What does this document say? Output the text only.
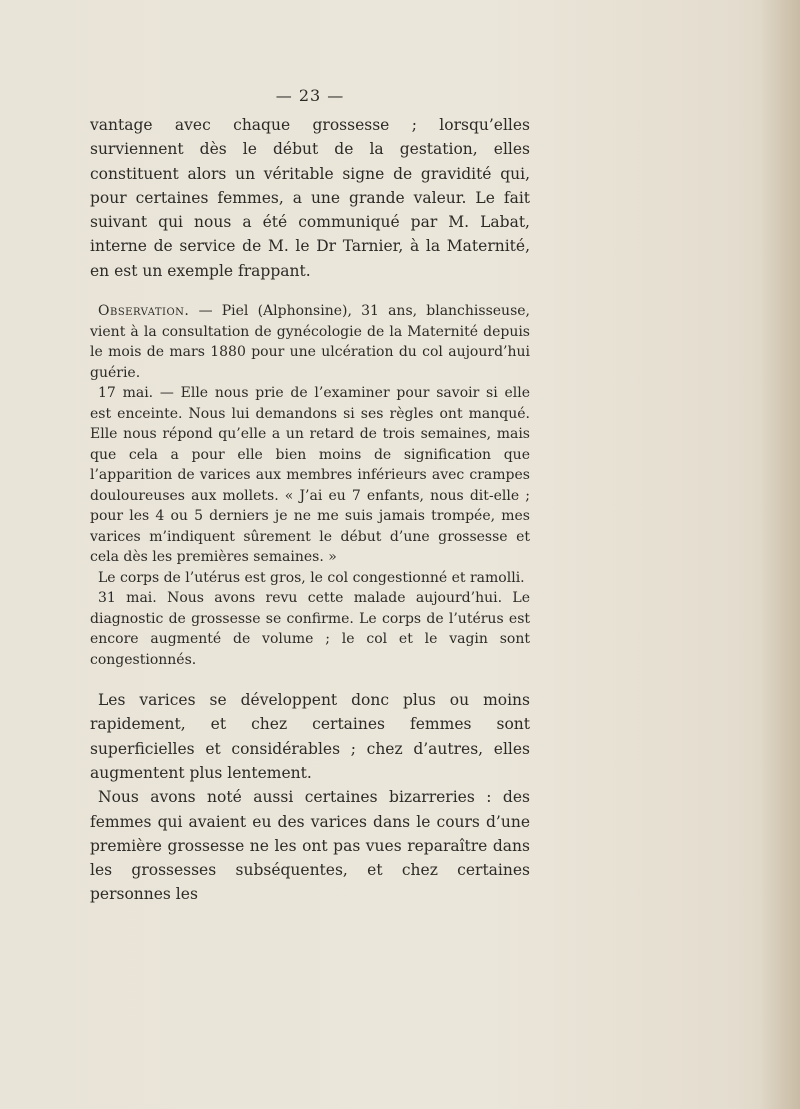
— 23 —

vantage avec chaque grossesse ; lorsqu’elles surviennent dès le début de la gestation, elles constituent alors un véritable signe de gravidité qui, pour certaines femmes, a une grande valeur. Le fait suivant qui nous a été communiqué par M. Labat, interne de service de M. le Dr Tarnier, à la Maternité, en est un exemple frappant.

Observation. — Piel (Alphonsine), 31 ans, blanchisseuse, vient à la consultation de gynécologie de la Maternité depuis le mois de mars 1880 pour une ulcération du col aujourd’hui guérie.

17 mai. — Elle nous prie de l’examiner pour savoir si elle est enceinte. Nous lui demandons si ses règles ont manqué. Elle nous répond qu’elle a un retard de trois semaines, mais que cela a pour elle bien moins de signification que l’apparition de varices aux membres inférieurs avec crampes douloureuses aux mollets. « J’ai eu 7 enfants, nous dit-elle ; pour les 4 ou 5 derniers je ne me suis jamais trompée, mes varices m’indiquent sûrement le début d’une grossesse et cela dès les premières semaines. »

Le corps de l’utérus est gros, le col congestionné et ramolli.

31 mai. Nous avons revu cette malade aujourd’hui. Le diagnostic de grossesse se confirme. Le corps de l’utérus est encore augmenté de volume ; le col et le vagin sont congestionnés.

Les varices se développent donc plus ou moins rapidement, et chez certaines femmes sont superficielles et considérables ; chez d’autres, elles augmentent plus lentement.

Nous avons noté aussi certaines bizarreries : des femmes qui avaient eu des varices dans le cours d’une première grossesse ne les ont pas vues reparaître dans les grossesses subséquentes, et chez certaines personnes les
